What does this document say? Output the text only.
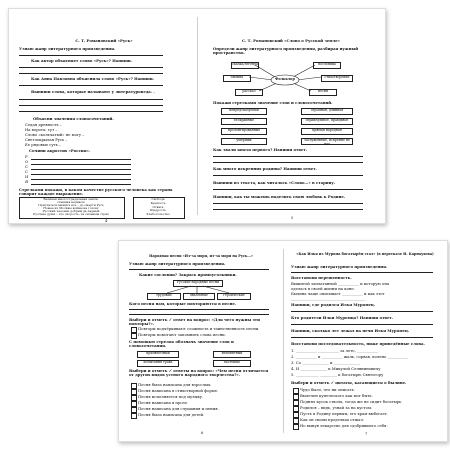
С. Т. Романовский «Русь»
Узнаю жанр литературного произведения.
Как автор объясняет слово «Русь»? Напиши.
Как Анна Павловна объяснила слово «Русь»? Напиши.
Выпиши слова, которые называют у литературоведа. .
Объясни значения словосочетаний.
Седая древность –
На ворота: тут –
Слово «кольчатый» не могу –
Светлокрылая Русь –
Ее рядовые суть –
Сочини акростих «Россия».
Р
О
С
С
И
Я
Стрелками покажи, в каком качестве русского человека как страна говорят каждое выражение.
Великая многострадальная земля,
ставшая великою
Приучаться выжить всё – до смерти Русь
Новые из Москвы войны на голову
Русский человек добрый да ладный
Русские души – это скорость, за сильным страх
Свобода
Крепость
Отвага
Щедрость
Хлебосольство
4
С. Т. Романовский «Слово о Русской земле»
Определи жанр литературного произведения, разбирая нужный пространство.
Фольклор
сказка/легенда	пословица
былина	стихотворение
рассказ	песня
Покажи стрелками значение слов и словосочетаний.
непредсказуемая	огромная, длинная
бескрайные	справедливое, правдивое
пролонгированные	прямая народная
умерших	заслуженные, искренне не нет
Как звали князя первого? Напиши ответ.
Как много искренних родины? Напиши ответ.
Выпиши из текста, как читалось «Слово…» в старину.
Напиши, как ты можешь наделить свою любовь к Родине.
5
Народная песня «Из-за моря, из-за моря на Русь…»
Узнаю жанр литературного произведения.
Какие сословия? Закрась прямоугольники.
Русские народные песни
трудовые	хвалебные	героические
Кого песня нам, которые повторяются в песне.
Выбери и отметь ✓ ответ на вопрос: «Для чего нужны эти повторы?».
Повторы подчёркивают сложность и таинственность песни.
Повторы помогают запомнить слова песни.
С помощью стрелок обозначь значение слов и словосочетания.
прилюбезный	непонятный
испытания трава	пастбище
Выбери и отметь ✓ ответы на вопрос: «Чем песня отличается от других видов устного народного творчества?».
Песня была написана для взрослых.
Песня написана в стихотворной форме.
Песня исполняется под музыку.
Песня написана в прозе.
Песня написана для слушания и пения.
Песня была написана для детей.
6
«Как Илья из Мурома богатырём стал» (в пересказе И. Карнаухова)
Узнаю жанр литературного произведения.
Восстанови нерешенность.
Вышитой заплатанной ___________ и которую она
оделась в своей жизни на коне.
Былина чаще описывает ___________ и как этот
_______________________________________
Напиши, где родился Илья Муромец.
Кто родители Ильи Муромца? Напиши ответ.
Напиши, сколько лет лежал на печи Илья Муромец.
Восстанови последовательность, ниже приведённые слова.
1. ___________ ___________ за лето, ___________
2. ___________ и ___________ жаль, сорвав, колено ___________
3. Со ______________ и ______________
4. И ______________ к Микулой Селяниновичу
5. ____________ _________ к богатырю Святогору
Выбери и отметь ✓ цитаты, касающиеся о былине.
Чудо было, что ни описать.
Вылечен купеческого как мог быть.
Поднял кусок ствола, тогда же не сидит богатырь.
Родился – видь, узнай за на кустом.
Пусть в Родину первым, его храм выбегает.
Как он своим проделках отжал.
Но вынув лекарство для сдобрившего себя.
7
